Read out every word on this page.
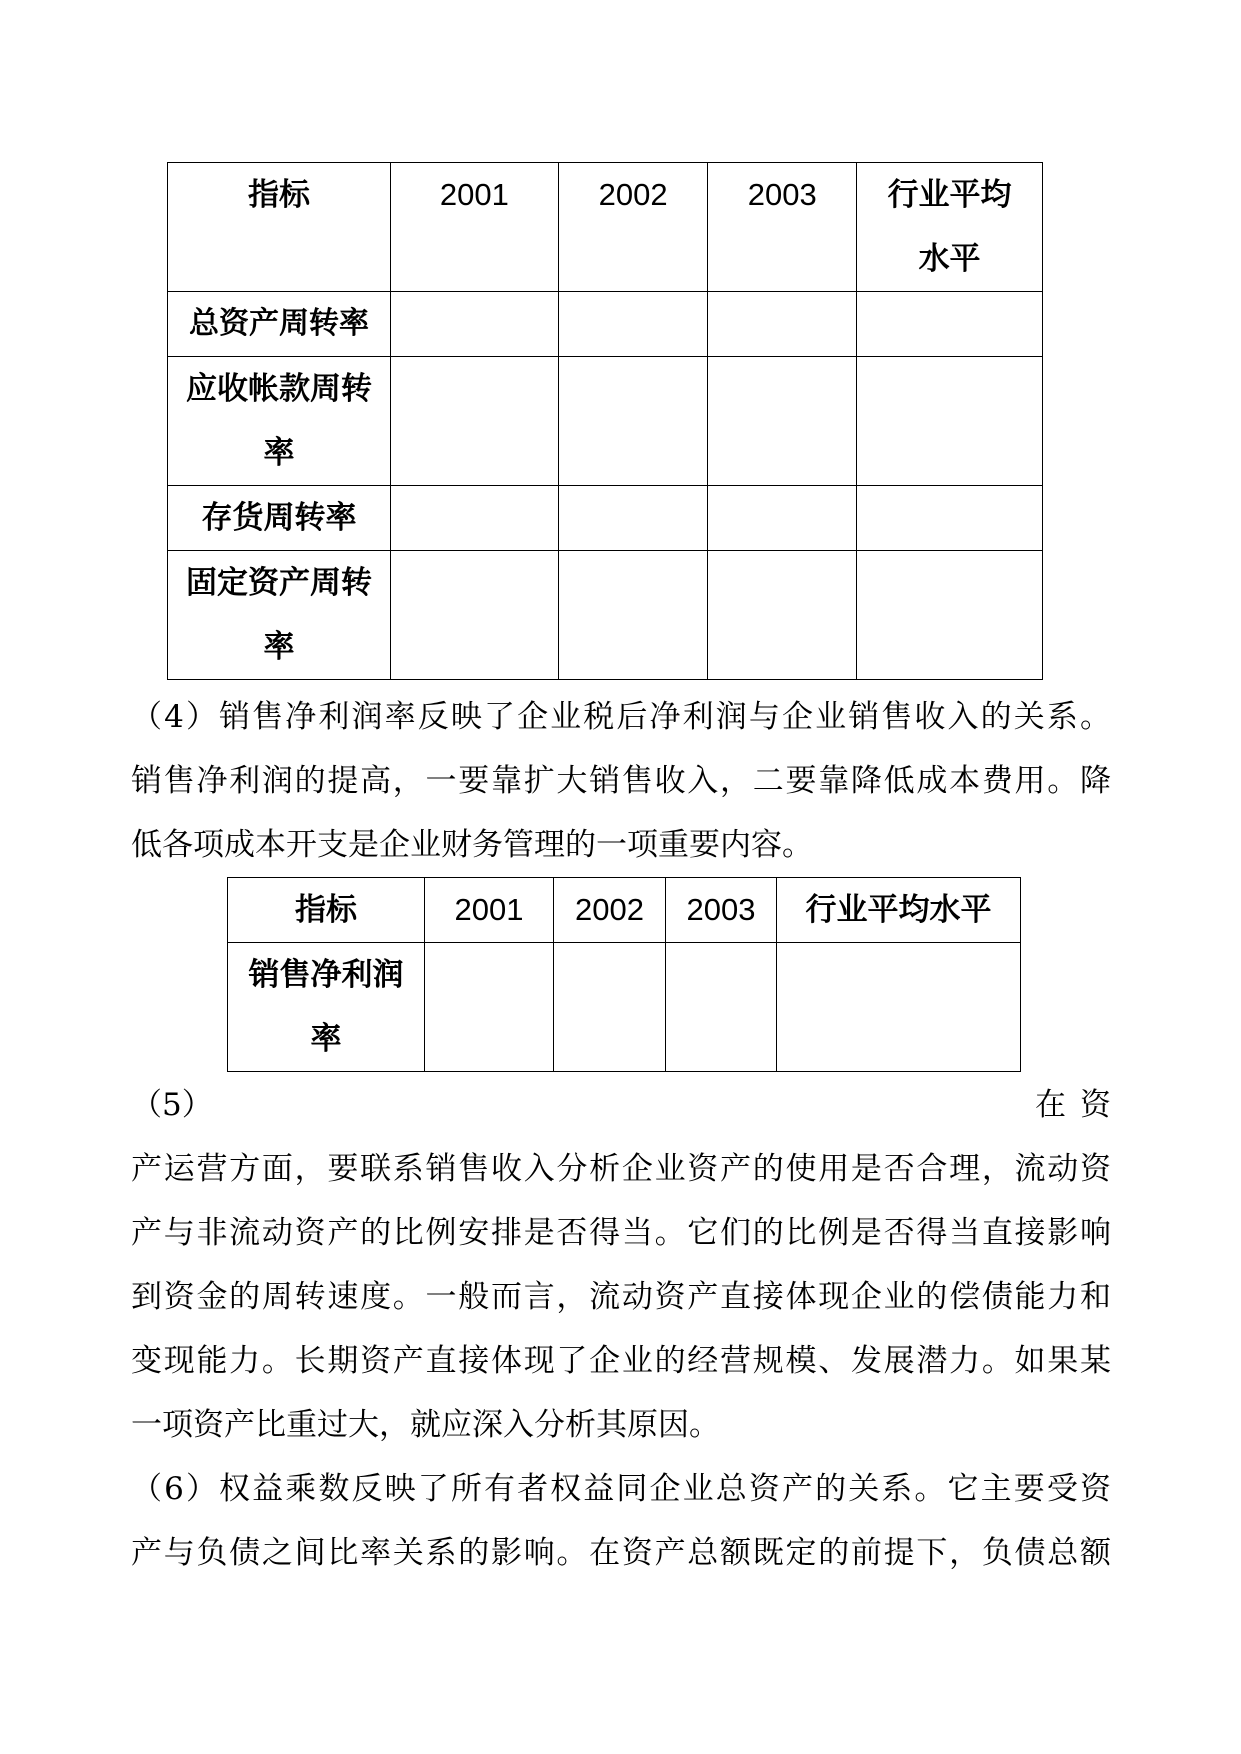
指标	2001	2002	2003	行业平均水平
总资产周转率				
应收帐款周转率				
存货周转率				
固定资产周转率				
（4）销售净利润率反映了企业税后净利润与企业销售收入的关系。
销售净利润的提高，一要靠扩大销售收入，二要靠降低成本费用。降
低各项成本开支是企业财务管理的一项重要内容。
指标	2001	2002	2003	行业平均水平
销售净利润率				
（5）	在资
产运营方面，要联系销售收入分析企业资产的使用是否合理，流动资
产与非流动资产的比例安排是否得当。它们的比例是否得当直接影响
到资金的周转速度。一般而言，流动资产直接体现企业的偿债能力和
变现能力。长期资产直接体现了企业的经营规模、发展潜力。如果某
一项资产比重过大，就应深入分析其原因。
（6）权益乘数反映了所有者权益同企业总资产的关系。它主要受资
产与负债之间比率关系的影响。在资产总额既定的前提下，负债总额
